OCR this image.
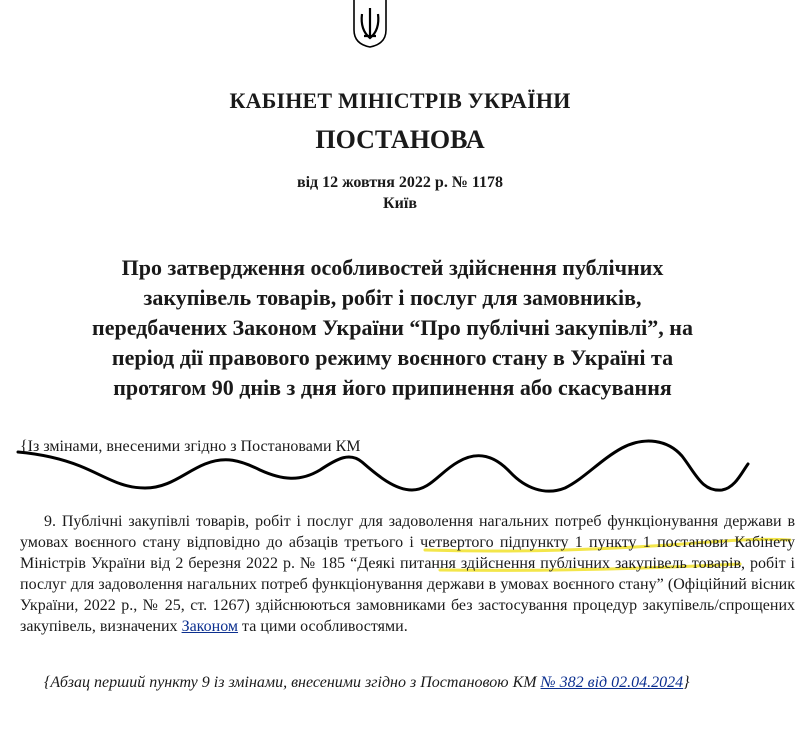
КАБІНЕТ МІНІСТРІВ УКРАЇНИ
ПОСТАНОВА
від 12 жовтня 2022 р. № 1178
Київ
Про затвердження особливостей здійснення публічних
закупівель товарів, робіт і послуг для замовників,
передбачених Законом України “Про публічні закупівлі”, на
період дії правового режиму воєнного стану в Україні та
протягом 90 днів з дня його припинення або скасування
{Із змінами, внесеними згідно з Постановами КМ
9. Публічні закупівлі товарів, робіт і послуг для задоволення нагальних потреб функціонування держави в умовах воєнного стану відповідно до абзаців третього і четвертого підпункту 1 пункту 1 постанови Кабінету Міністрів України від 2 березня 2022 р. № 185 “Деякі питання здійснення публічних закупівель товарів, робіт і послуг для задоволення нагальних потреб функціонування держави в умовах воєнного стану” (Офіційний вісник України, 2022 р., № 25, ст. 1267) здійснюються замовниками без застосування процедур закупівель/спрощених закупівель, визначених Законом та цими особливостями.
{Абзац перший пункту 9 із змінами, внесеними згідно з Постановою КМ № 382 від 02.04.2024}
